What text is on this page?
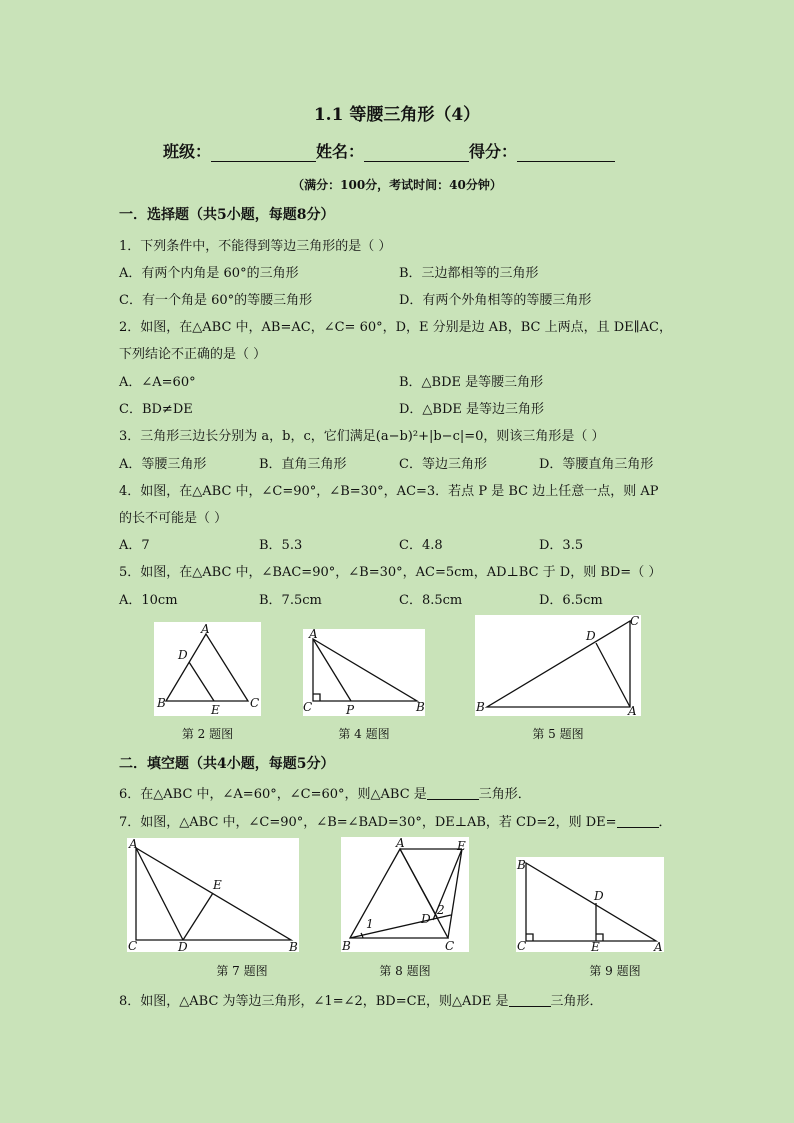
1.1 等腰三角形（4）
班级：	姓名：	得分：
（满分：100分，考试时间：40分钟）
一．选择题（共5小题，每题8分）
1．下列条件中，不能得到等边三角形的是（ ）
A．有两个内角是 60°的三角形	B．三边都相等的三角形
C．有一个角是 60°的等腰三角形	D．有两个外角相等的等腰三角形
2．如图，在△ABC 中，AB=AC，∠C= 60°，D，E 分别是边 AB，BC 上两点，且 DE∥AC，
下列结论不正确的是（ ）
A．∠A=60°	B．△BDE 是等腰三角形
C．BD≠DE	D．△BDE 是等边三角形
3．三角形三边长分别为 a，b，c，它们满足(a−b)²+|b−c|=0，则该三角形是（ ）
A．等腰三角形	B．直角三角形	C．等边三角形	D．等腰直角三角形
4．如图，在△ABC 中，∠C=90°，∠B=30°，AC=3．若点 P 是 BC 边上任意一点，则 AP
的长不可能是（ ）
A．7	B．5.3	C．4.8	D．3.5
5．如图，在△ABC 中，∠BAC=90°，∠B=30°，AC=5cm，AD⊥BC 于 D，则 BD=（ ）
A．10cm	B．7.5cm	C．8.5cm	D．6.5cm
A
B	C
D
E
第 2 题图
A
C	P	B
第 4 题图
B	A
C
D
第 5 题图
二．填空题（共4小题，每题5分）
6．在△ABC 中，∠A=60°，∠C=60°，则△ABC 是	三角形．
7．如图，△ABC 中，∠C=90°，∠B=∠BAD=30°，DE⊥AB，若 CD=2，则 DE=	．
A
C	D	B
E
第 7 题图
A	E
B	C
D
1
2
第 8 题图
B
C	E	A
D
第 9 题图
8．如图，△ABC 为等边三角形，∠1=∠2，BD=CE，则△ADE 是	三角形．
